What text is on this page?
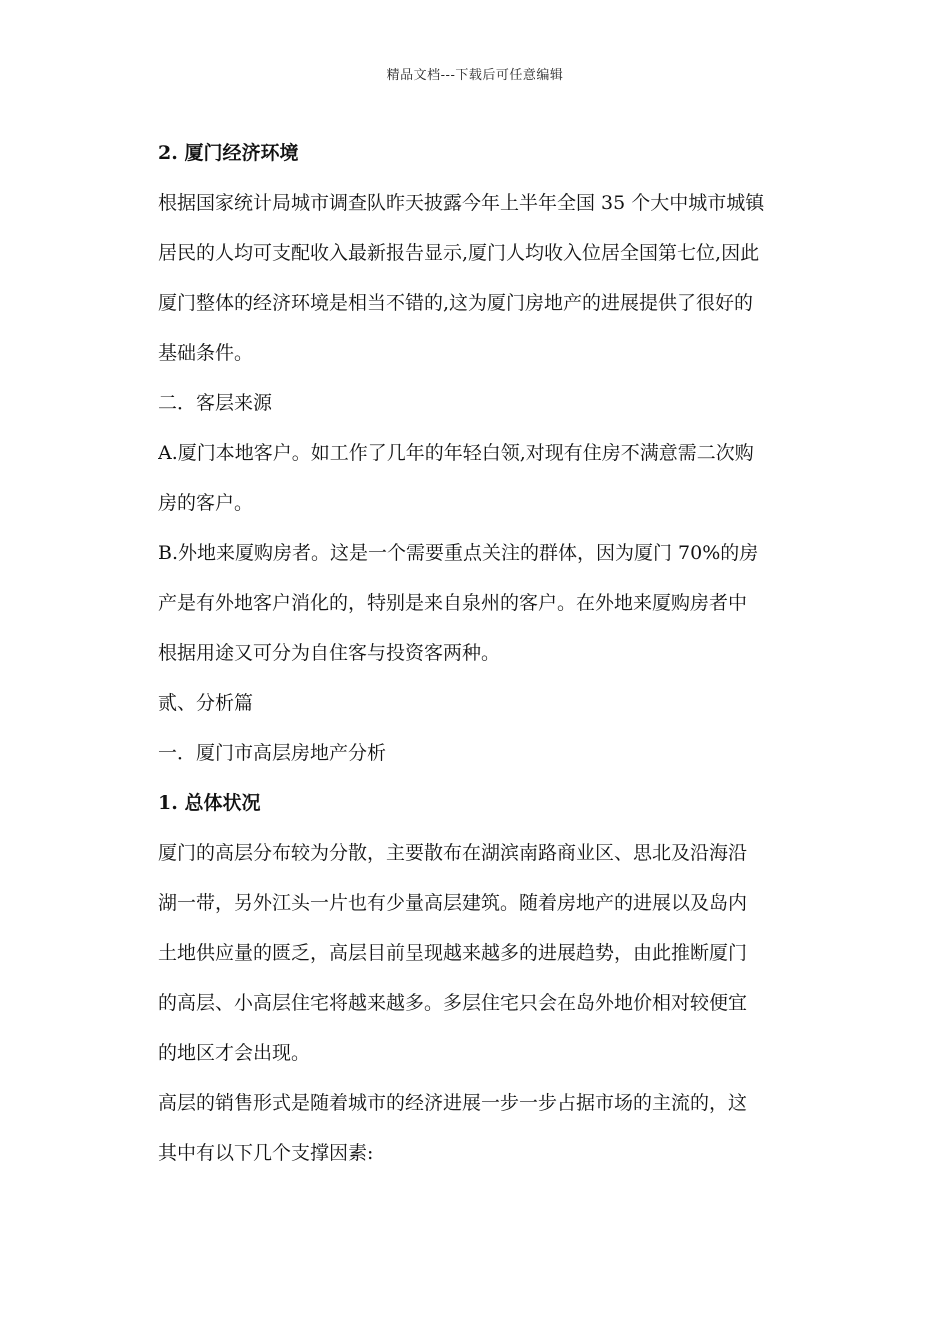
精品文档---下载后可任意编辑
2. 厦门经济环境
根据国家统计局城市调查队昨天披露今年上半年全国 35 个大中城市城镇
居民的人均可支配收入最新报告显示,厦门人均收入位居全国第七位,因此
厦门整体的经济环境是相当不错的,这为厦门房地产的进展提供了很好的
基础条件。
二．客层来源
A.厦门本地客户。如工作了几年的年轻白领,对现有住房不满意需二次购
房的客户。
B.外地来厦购房者。这是一个需要重点关注的群体，因为厦门 70%的房
产是有外地客户消化的，特别是来自泉州的客户。在外地来厦购房者中
根据用途又可分为自住客与投资客两种。
贰、分析篇
一．厦门市高层房地产分析
1. 总体状况
厦门的高层分布较为分散，主要散布在湖滨南路商业区、思北及沿海沿
湖一带，另外江头一片也有少量高层建筑。随着房地产的进展以及岛内
土地供应量的匮乏，高层目前呈现越来越多的进展趋势，由此推断厦门
的高层、小高层住宅将越来越多。多层住宅只会在岛外地价相对较便宜
的地区才会出现。
高层的销售形式是随着城市的经济进展一步一步占据市场的主流的，这
其中有以下几个支撑因素:
